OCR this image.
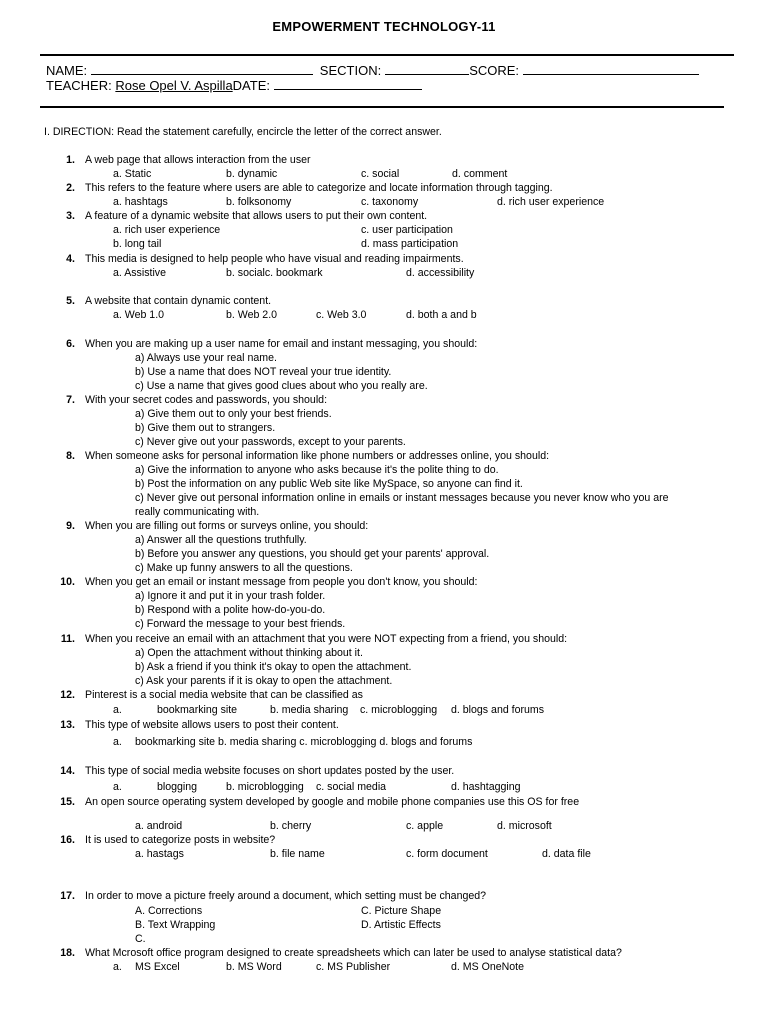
EMPOWERMENT TECHNOLOGY-11
NAME:	SECTION:	SCORE:
TEACHER: Rose Opel V. AspillaDATE:
I. DIRECTION: Read the statement carefully, encircle the letter of the correct answer.
1. A web page that allows interaction from the user
a. Static	b. dynamic	c. social	d. comment
2. This refers to the feature where users are able to categorize and locate information through tagging.
a. hashtags	b. folksonomy	c. taxonomy	d. rich user experience
3. A feature of a dynamic website that allows users to put their own content.
a. rich user experience	c. user participation
b. long tail	d. mass participation
4. This media is designed to help people who have visual and reading impairments.
a. Assistive	b. socialc. bookmark	d. accessibility
5. A website that contain dynamic content.
a. Web 1.0	b. Web 2.0	c. Web 3.0	d. both a and b
6. When you are making up a user name for email and instant messaging, you should:
a) Always use your real name.
b) Use a name that does NOT reveal your true identity.
c) Use a name that gives good clues about who you really are.
7. With your secret codes and passwords, you should:
a) Give them out to only your best friends.
b) Give them out to strangers.
c) Never give out your passwords, except to your parents.
8. When someone asks for personal information like phone numbers or addresses online, you should:
a) Give the information to anyone who asks because it's the polite thing to do.
b) Post the information on any public Web site like MySpace, so anyone can find it.
c) Never give out personal information online in emails or instant messages because you never know who you are
really communicating with.
9. When you are filling out forms or surveys online, you should:
a) Answer all the questions truthfully.
b) Before you answer any questions, you should get your parents' approval.
c) Make up funny answers to all the questions.
10. When you get an email or instant message from people you don't know, you should:
a) Ignore it and put it in your trash folder.
b) Respond with a polite how-do-you-do.
c) Forward the message to your best friends.
11. When you receive an email with an attachment that you were NOT expecting from a friend, you should:
a) Open the attachment without thinking about it.
b) Ask a friend if you think it's okay to open the attachment.
c) Ask your parents if it is okay to open the attachment.
12. Pinterest is a social media website that can be classified as
a.	bookmarking site	b. media sharing c. microblogging d. blogs and forums
13. This type of website allows users to post their content.
a. bookmarking site b. media sharing c. microblogging d. blogs and forums
14. This type of social media website focuses on short updates posted by the user.
a.	blogging	b. microblogging c. social media	d. hashtagging
15. An open source operating system developed by google and mobile phone companies use this OS for free
a. android	b. cherry	c. apple	d. microsoft
16. It is used to categorize posts in website?
a. hastags	b. file name	c. form document	d. data file
17. In order to move a picture freely around a document, which setting must be changed?
A. Corrections	C. Picture Shape
B. Text Wrapping	D. Artistic Effects
C.
18. What Mcrosoft office program designed to create spreadsheets which can later be used to analyse statistical data?
a. MS Excel	b. MS Word	c. MS Publisher	d. MS OneNote
